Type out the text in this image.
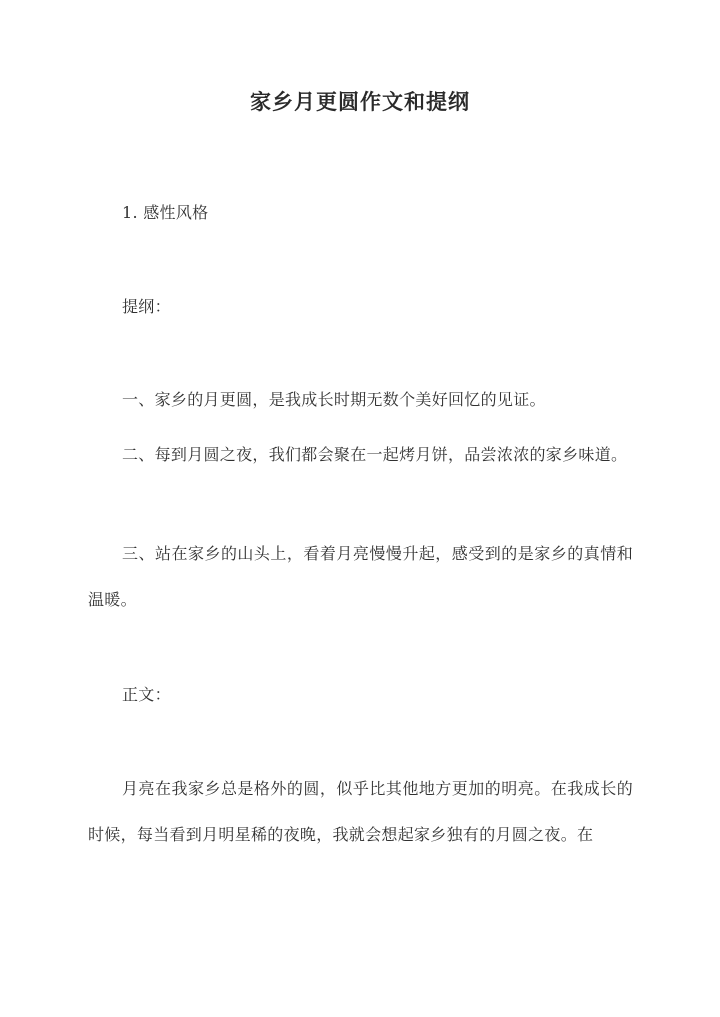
家乡月更圆作文和提纲
1. 感性风格
提纲：
一、家乡的月更圆，是我成长时期无数个美好回忆的见证。
二、每到月圆之夜，我们都会聚在一起烤月饼，品尝浓浓的家乡味道。
三、站在家乡的山头上，看着月亮慢慢升起，感受到的是家乡的真情和温暖。
正文：
月亮在我家乡总是格外的圆，似乎比其他地方更加的明亮。在我成长的时候，每当看到月明星稀的夜晚，我就会想起家乡独有的月圆之夜。在
